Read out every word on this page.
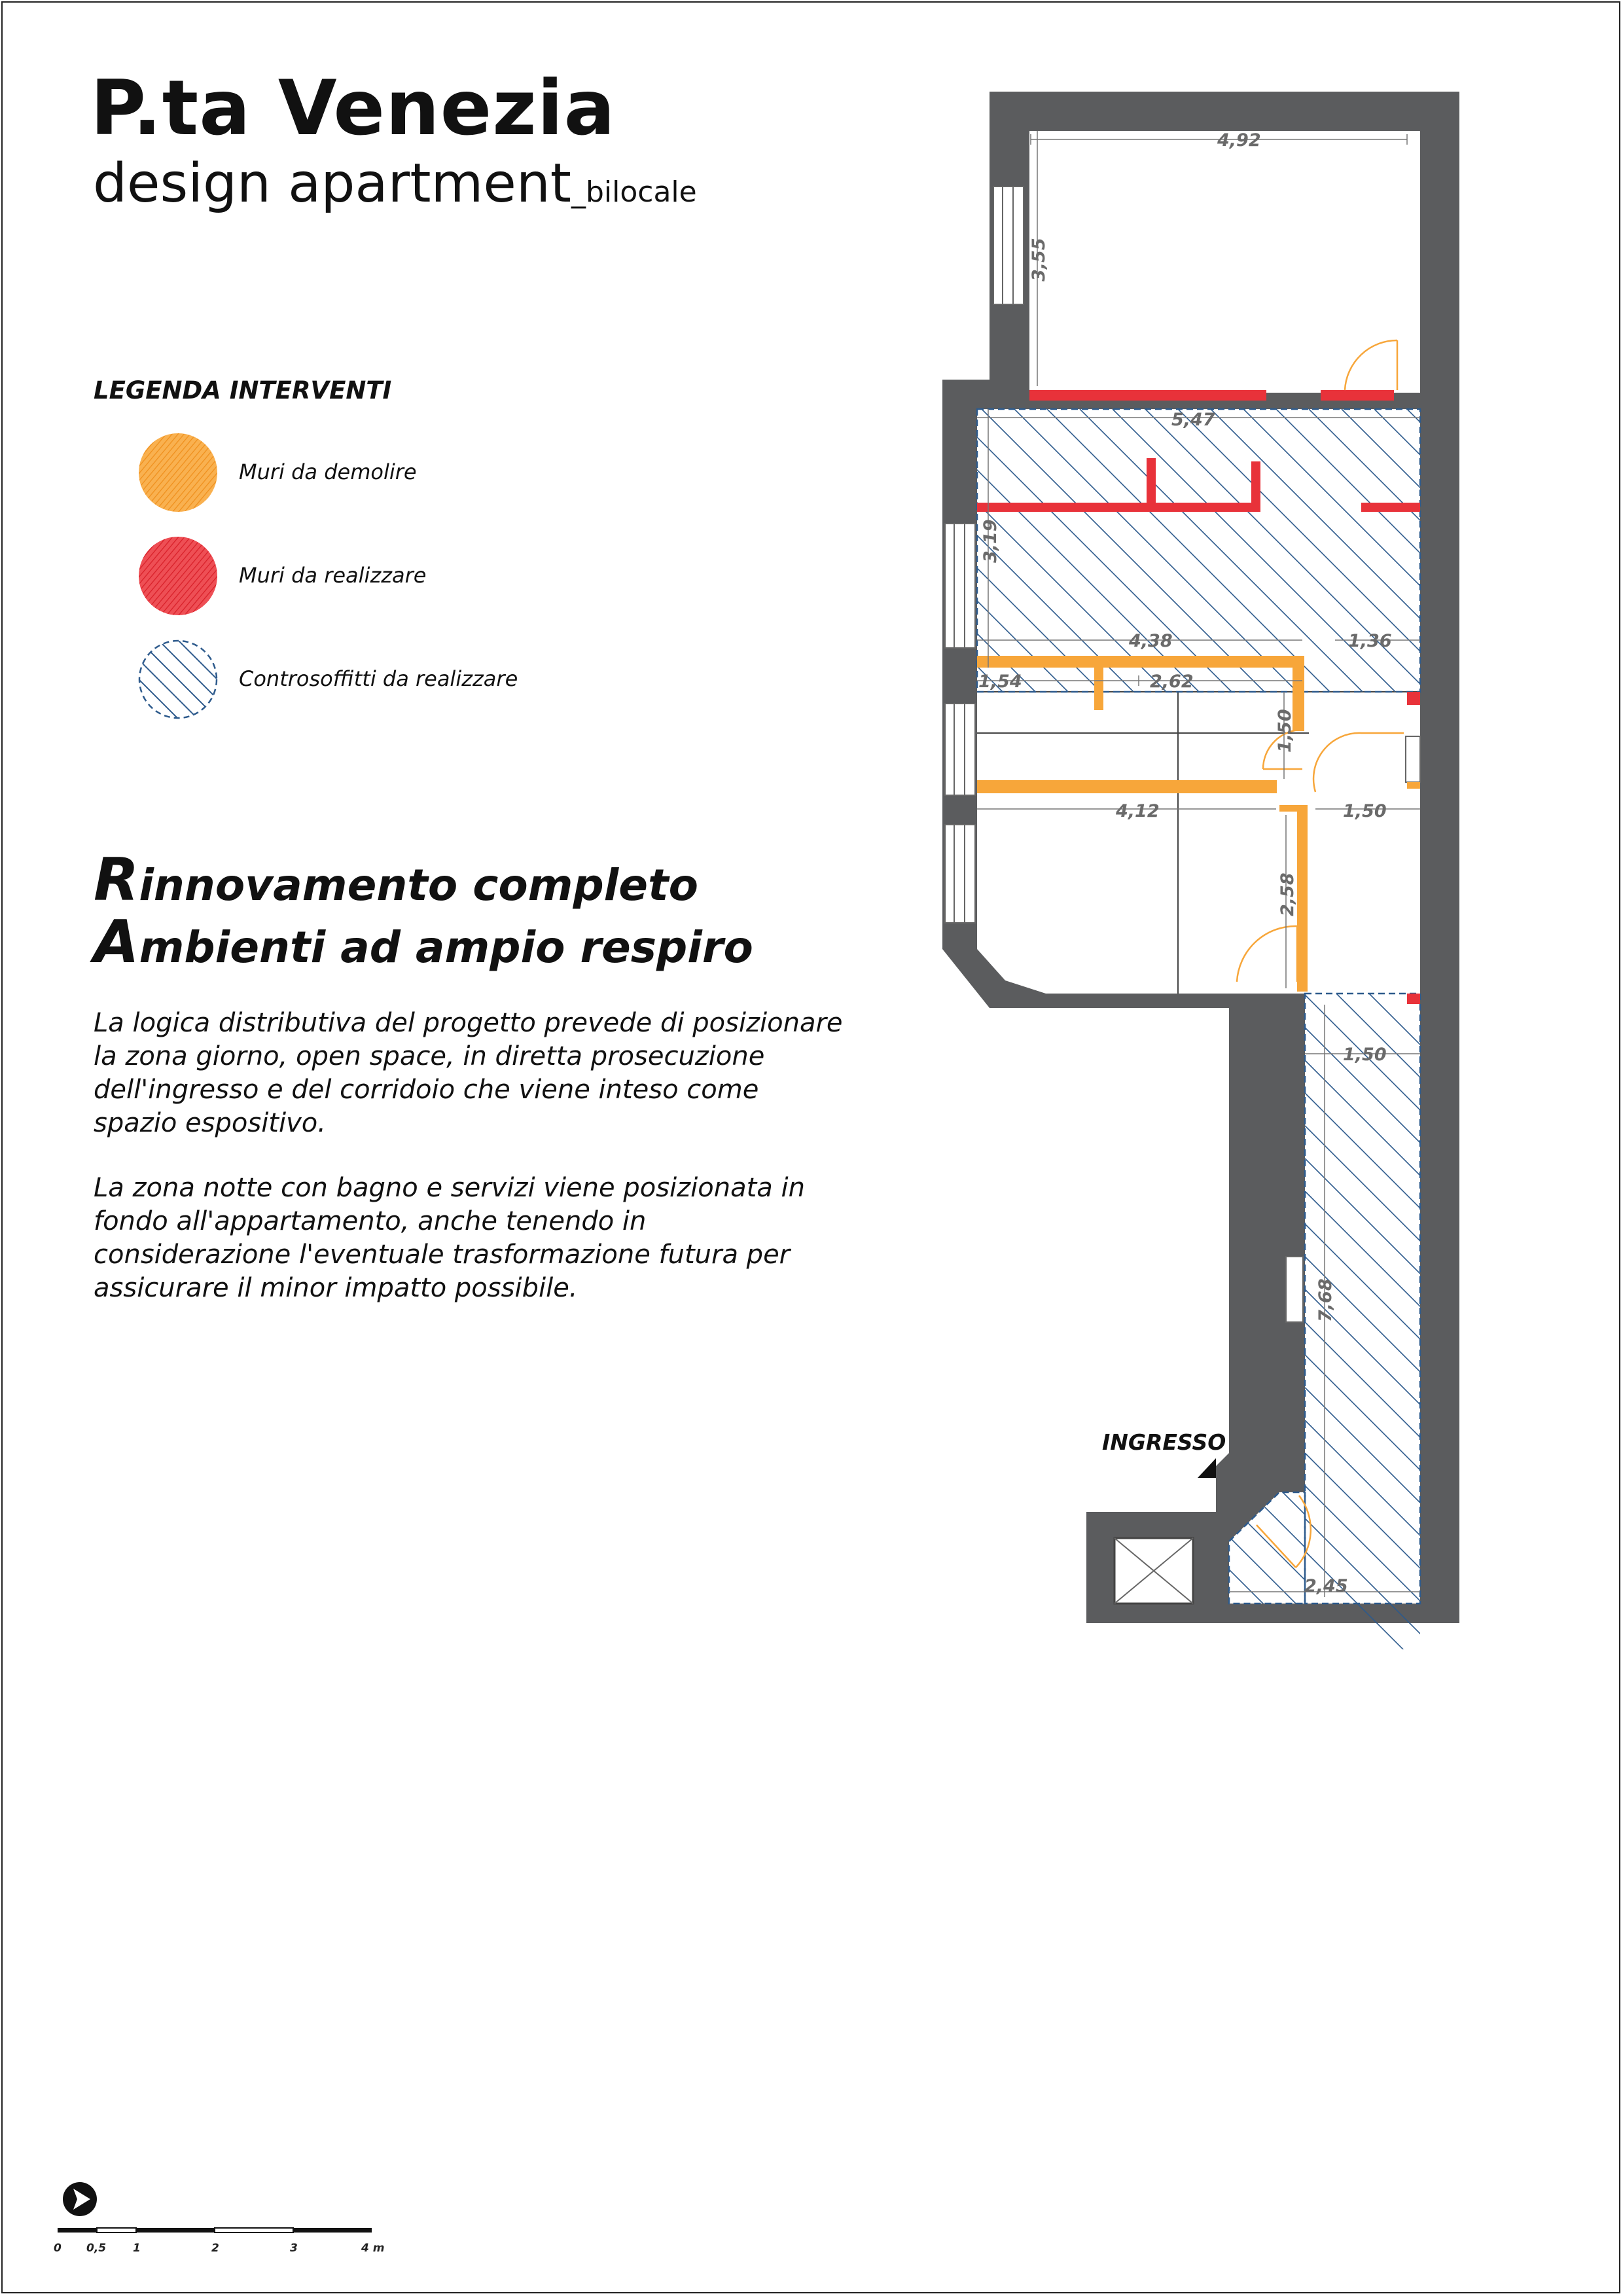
P.ta Venezia
design apartment_bilocale
LEGENDA INTERVENTI
Muri da demolire
Muri da realizzare
Controsoffitti da realizzare
Rinnovamento completo
Ambienti ad ampio respiro
La logica distributiva del progetto prevede di posizionare la zona giorno, open space, in diretta prosecuzione dell'ingresso e del corridoio che viene inteso come spazio espositivo.
La zona notte con bagno e servizi viene posizionata in fondo all'appartamento, anche tenendo in considerazione l'eventuale trasformazione futura per assicurare il minor impatto possibile.
4,92
3,55
5,47
3,19
4,38	1,36
1,54	2,62
1,50
4,12	1,50
2,58
1,50
7,68
2,45
INGRESSO
0 0,5 1	2	3	4 m
